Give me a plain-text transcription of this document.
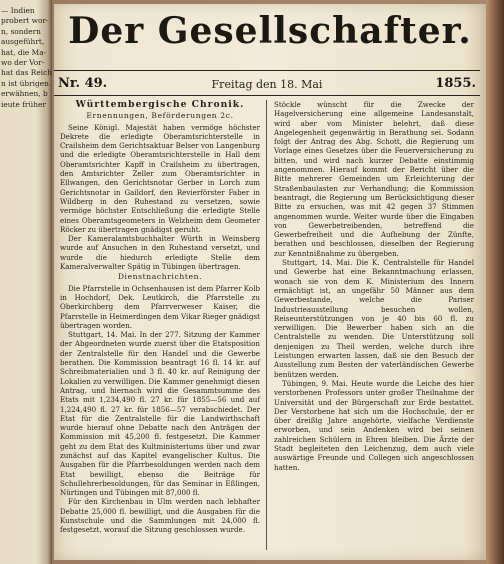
— Indien
probert wor-
n, sondern
ausgeführt,
hat, die Ma-
wo der Vor-
hat das Reich
n ist übrigen
erwähnen, b
ieute früher
Der Gesellschafter.
Nr. 49.	Freitag den 18. Mai	1855.

Württembergische Chronik.

Ernennungen, Beförderungen 2c.

Seine Königl. Majestät haben vermöge höchster Dekrete die erledigte Oberamtsrichterstelle in Crailsheim dem Gerichtsaktuar Belser von Langenburg und die erledigte Oberamtsrichterstelle in Hall dem Oberamtsrichter Kapff in Crailsheim zu übertragen, den Amtsrichter Zeller zum Oberamtsrichter in Ellwangen, den Gerichtsnotar Gerber in Lorch zum Gerichtsnotar in Gaildorf, den Revierförster Faber in Wildberg in den Ruhestand zu versetzen, sowie vermöge höchster Entschließung die erledigte Stelle eines Oberamtsgeometers in Welzheim dem Geometer Röcker zu übertragen gnädigst geruht.

Der Kameralamtsbuchhalter Würth in Weinsberg wurde auf Ansuchen in den Ruhestand versetzt, und wurde die hiedurch erledigte Stelle dem Kameralverwalter Spätig in Tübingen übertragen.

Dienstnachrichten.

Die Pfarrstelle in Ochsenhausen ist dem Pfarrer Kolb in Hochdorf, Dek. Leutkirch, die Pfarrstelle zu Oberkirchberg dem Pfarrverweser Kaiser, die Pfarrstelle in Heimerdingen dem Vikar Rieger gnädigst übertragen worden.

Stuttgart, 14. Mai. In der 277. Sitzung der Kammer der Abgeordneten wurde zuerst über die Etatsposition der Zentralstelle für den Handel und die Gewerbe berathen. Die Kommission beantragt 16 fl. 14 kr. auf Schreibmaterialien und 3 fl. 40 kr. auf Reinigung der Lokalien zu verwilligen. Die Kammer genehmigt diesen Antrag, und hiernach wird die Gesammtsumme des Etats mit 1,234,490 fl. 27 kr. für 1855—56 und auf 1,224,490 fl. 27 kr. für 1856—57 verabschiedet. Der Etat für die Zentralstelle für die Landwirthschaft wurde hierauf ohne Debatte nach den Anträgen der Kommission mit 45,200 fl. festgesetzt. Die Kammer geht zu dem Etat des Kultministeriums über und zwar zunächst auf das Kapitel evangelischer Kultus. Die Ausgaben für die Pfarrbesoldungen werden nach dem Etat bewilligt, ebenso die Beiträge für Schullehrerbesoldungen, für das Seminar in Eßlingen, Nürtingen und Tübingen mit 87,000 fl.

Für den Kirchenbau in Ulm werden nach lebhafter Debatte 25,000 fl. bewilligt, und die Ausgaben für die Kunstschule und die Sammlungen mit 24,000 fl. festgesetzt, worauf die Sitzung geschlossen wurde.

Stöckle wünscht für die Zwecke der Hagelversicherung eine allgemeine Landesanstalt, wird aber vom Minister belehrt, daß diese Angelegenheit gegenwärtig in Berathung sei. Sodann folgt der Antrag des Abg. Schott, die Regierung um Vorlage eines Gesetzes über die Feuerversicherung zu bitten, und wird nach kurzer Debatte einstimmig angenommen. Hierauf kommt der Bericht über die Bitte mehrerer Gemeinden um Erleichterung der Straßenbaulasten zur Verhandlung; die Kommission beantragt, die Regierung um Berücksichtigung dieser Bitte zu ersuchen, was mit 42 gegen 37 Stimmen angenommen wurde. Weiter wurde über die Eingaben von Gewerbetreibenden, betreffend die Gewerbefreiheit und die Aufhebung der Zünfte, berathen und beschlossen, dieselben der Regierung zur Kenntnißnahme zu übergeben.

Stuttgart, 14. Mai. Die K. Centralstelle für Handel und Gewerbe hat eine Bekanntmachung erlassen, wonach sie von dem K. Ministerium des Innern ermächtigt ist, an ungefähr 50 Männer aus dem Gewerbestande, welche die Pariser Industrieausstellung besuchen wollen, Reiseunterstützungen von je 40 bis 60 fl. zu verwilligen. Die Bewerber haben sich an die Centralstelle zu wenden. Die Unterstützung soll denjenigen zu Theil werden, welche durch ihre Leistungen erwarten lassen, daß sie den Besuch der Ausstellung zum Besten der vaterländischen Gewerbe benützen werden.

Tübingen, 9. Mai. Heute wurde die Leiche des hier verstorbenen Professors unter großer Theilnahme der Universität und der Bürgerschaft zur Erde bestattet. Der Verstorbene hat sich um die Hochschule, der er über dreißig Jahre angehörte, vielfache Verdienste erworben, und sein Andenken wird bei seinen zahlreichen Schülern in Ehren bleiben. Die Ärzte der Stadt begleiteten den Leichenzug, dem auch viele auswärtige Freunde und Collegen sich angeschlossen hatten.
